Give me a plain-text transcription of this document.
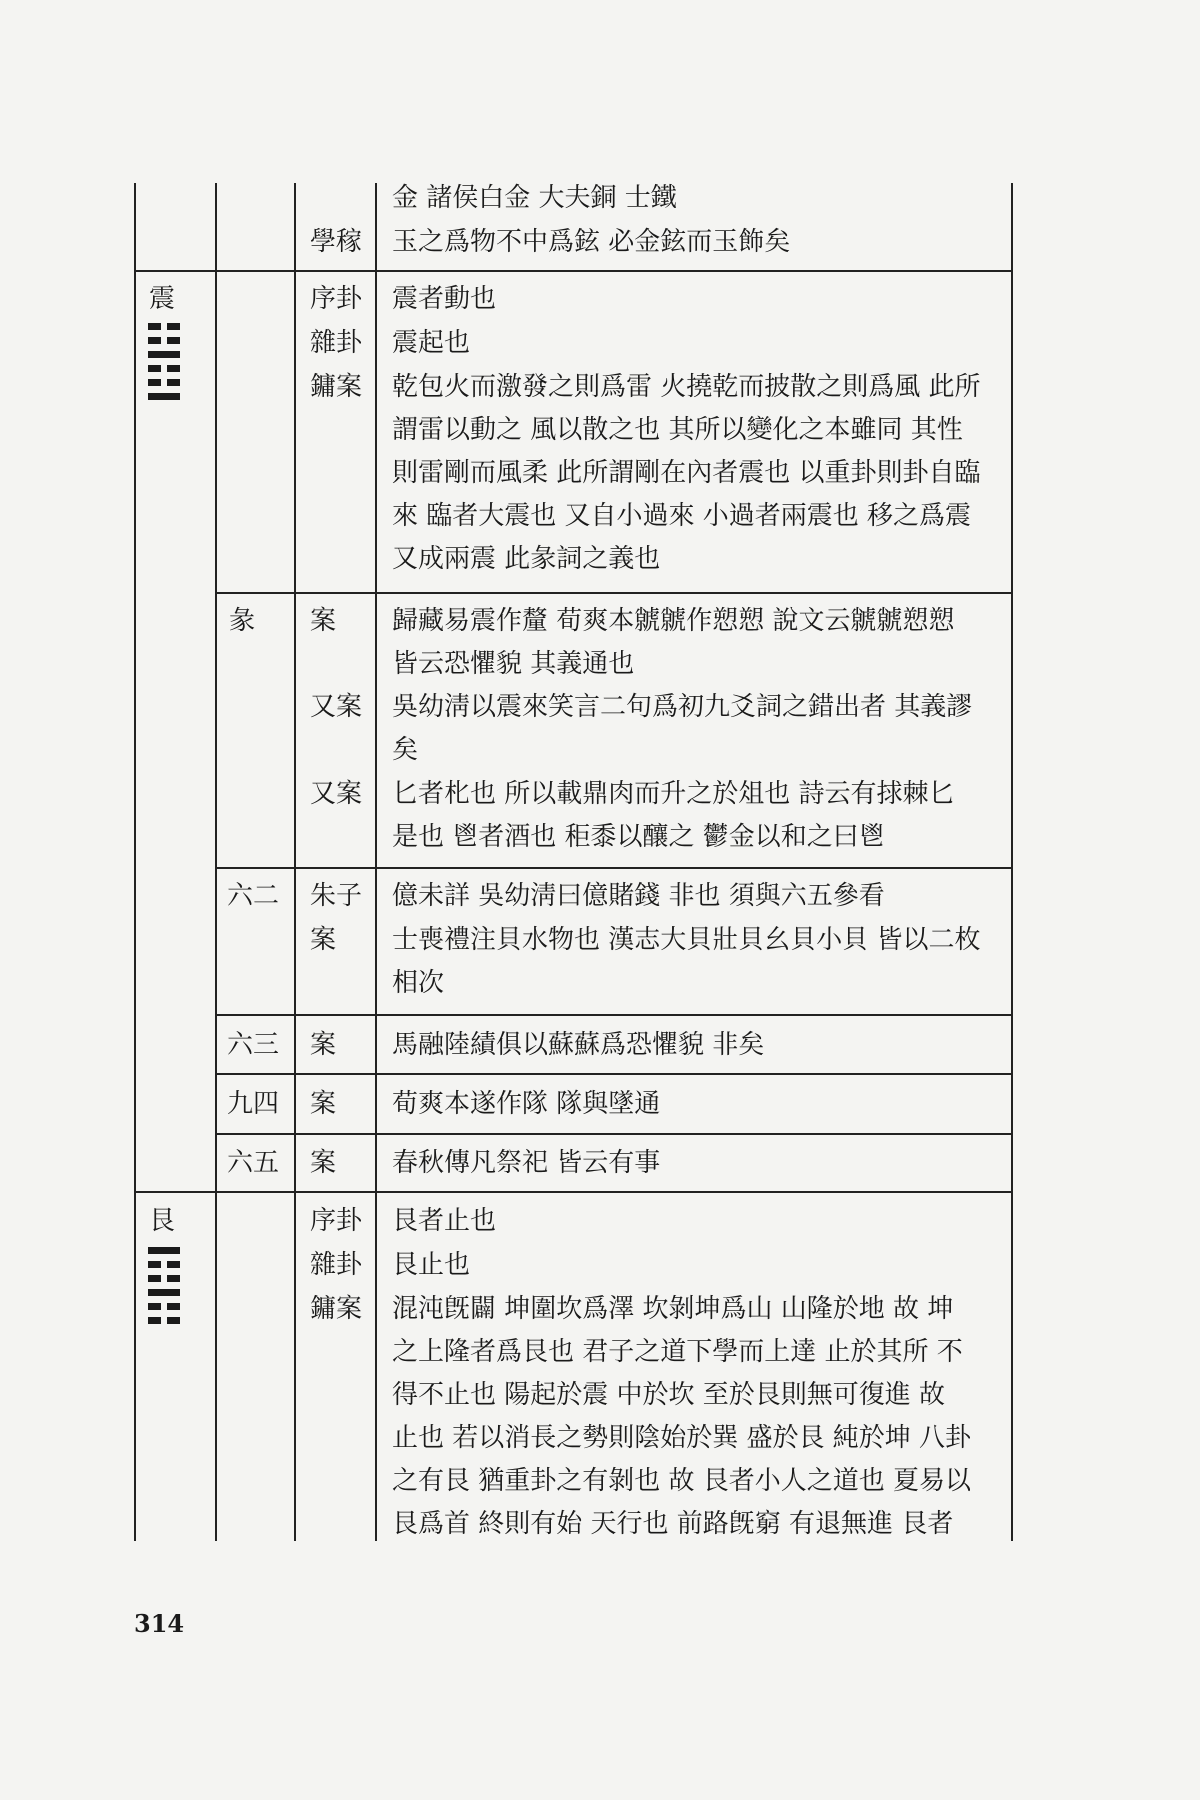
學稼
金 諸侯白金 大夫銅 士鐵
玉之爲物不中爲鉉 必金鉉而玉飾矣
震	序卦
雜卦
鏞案
震者動也
震起也
乾包火而激發之則爲雷 火撓乾而披散之則爲風 此所
謂雷以動之 風以散之也 其所以變化之本雖同 其性
則雷剛而風柔 此所謂剛在內者震也 以重卦則卦自臨
來 臨者大震也 又自小過來 小過者兩震也 移之爲震
又成兩震 此彖詞之義也
彖 案
又案
又案
歸藏易震作釐 荀爽本虩虩作愬愬 說文云虩虩愬愬
皆云恐懼貌 其義通也
吳幼淸以震來笑言二句爲初九爻詞之錯出者 其義謬
矣
匕者朼也 所以載鼎肉而升之於俎也 詩云有捄棘匕
是也 鬯者酒也 秬黍以釀之 鬱金以和之曰鬯
六二 朱子
案
億未詳 吳幼淸曰億賭錢 非也 須與六五參看
士喪禮注貝水物也 漢志大貝壯貝幺貝小貝 皆以二枚
相次
六三 案 馬融陸績俱以蘇蘇爲恐懼貌 非矣
九四 案 荀爽本遂作隊 隊與墜通
六五 案 春秋傳凡祭祀 皆云有事
艮	序卦
雜卦
鏞案
艮者止也
艮止也
混沌旣闢 坤圍坎爲澤 坎剝坤爲山 山隆於地 故 坤
之上隆者爲艮也 君子之道下學而上達 止於其所 不
得不止也 陽起於震 中於坎 至於艮則無可復進 故
止也 若以消長之勢則陰始於巽 盛於艮 純於坤 八卦
之有艮 猶重卦之有剝也 故 艮者小人之道也 夏易以
艮爲首 終則有始 天行也 前路旣窮 有退無進 艮者
314
